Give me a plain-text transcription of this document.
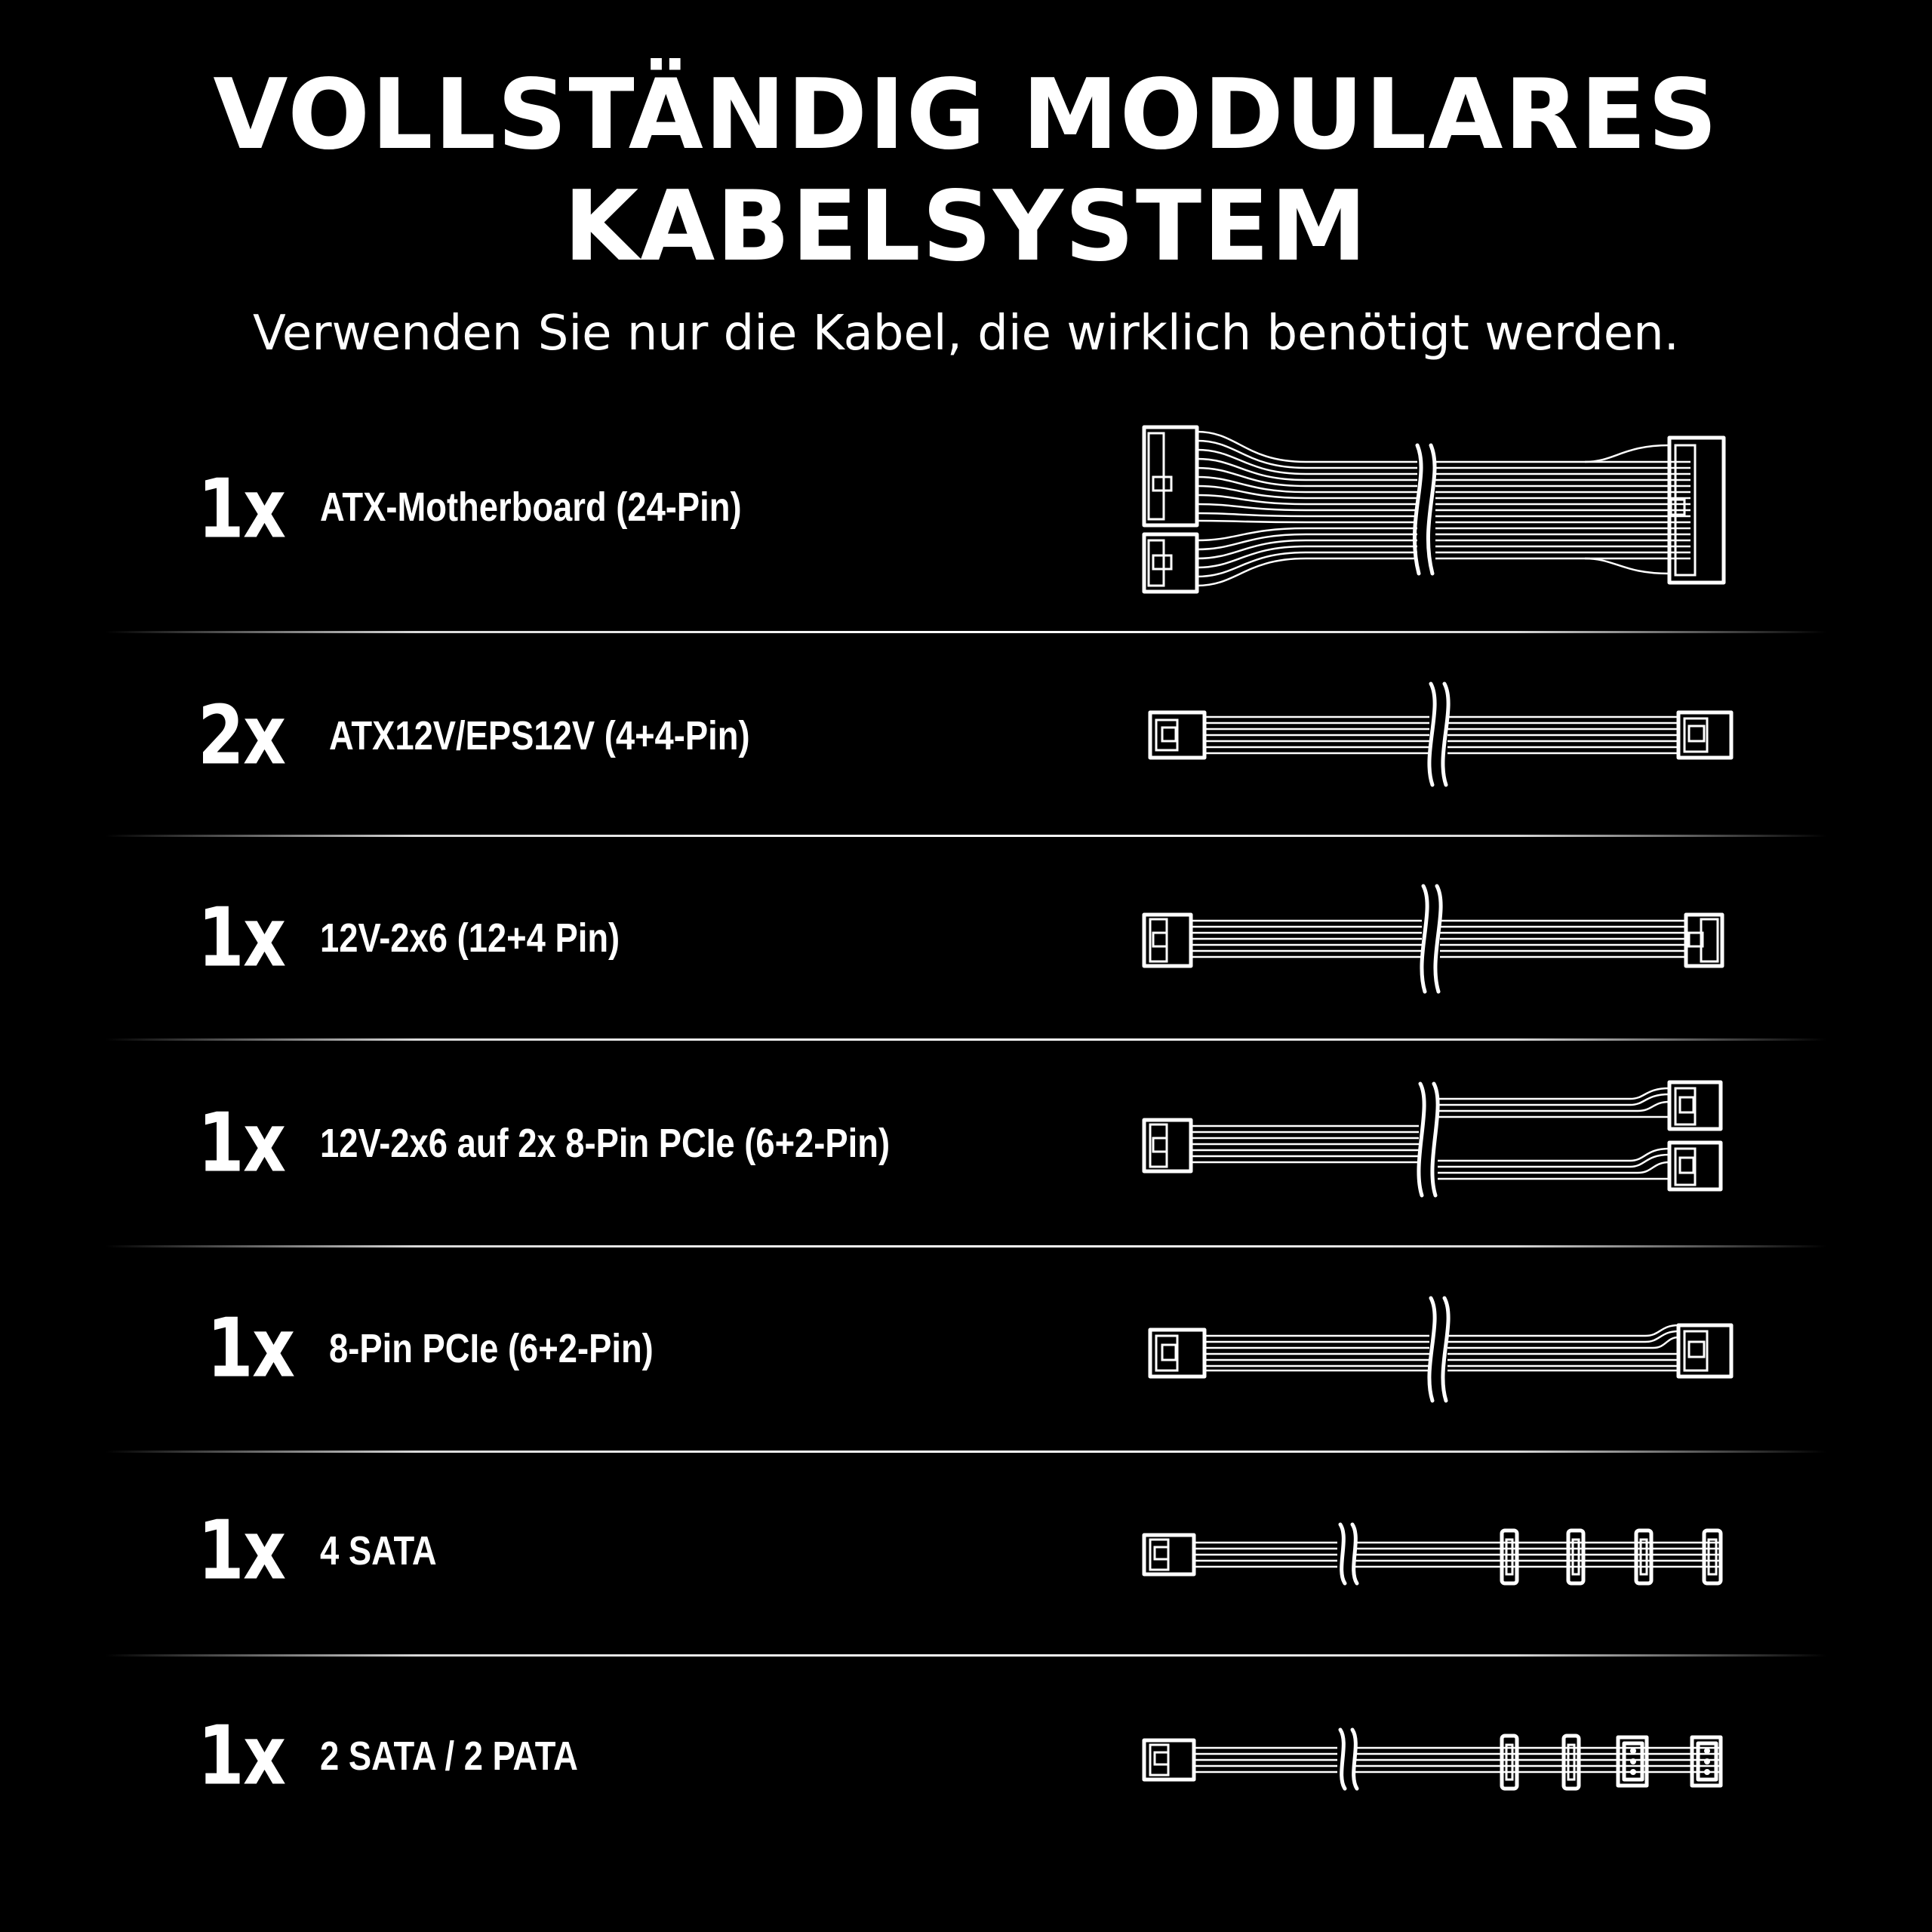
VOLLSTÄNDIG MODULARES
KABELSYSTEM
Verwenden Sie nur die Kabel, die wirklich benötigt werden.
1x ATX-Motherboard (24-Pin)
2x	ATX12V/EPS12V (4+4-Pin)
1x 12V-2x6 (12+4 Pin)
1x 12V-2x6 auf 2x 8-Pin PCIe (6+2-Pin)
1x 8-Pin PCIe (6+2-Pin)
1x 4 SATA
1x 2 SATA / 2 PATA
